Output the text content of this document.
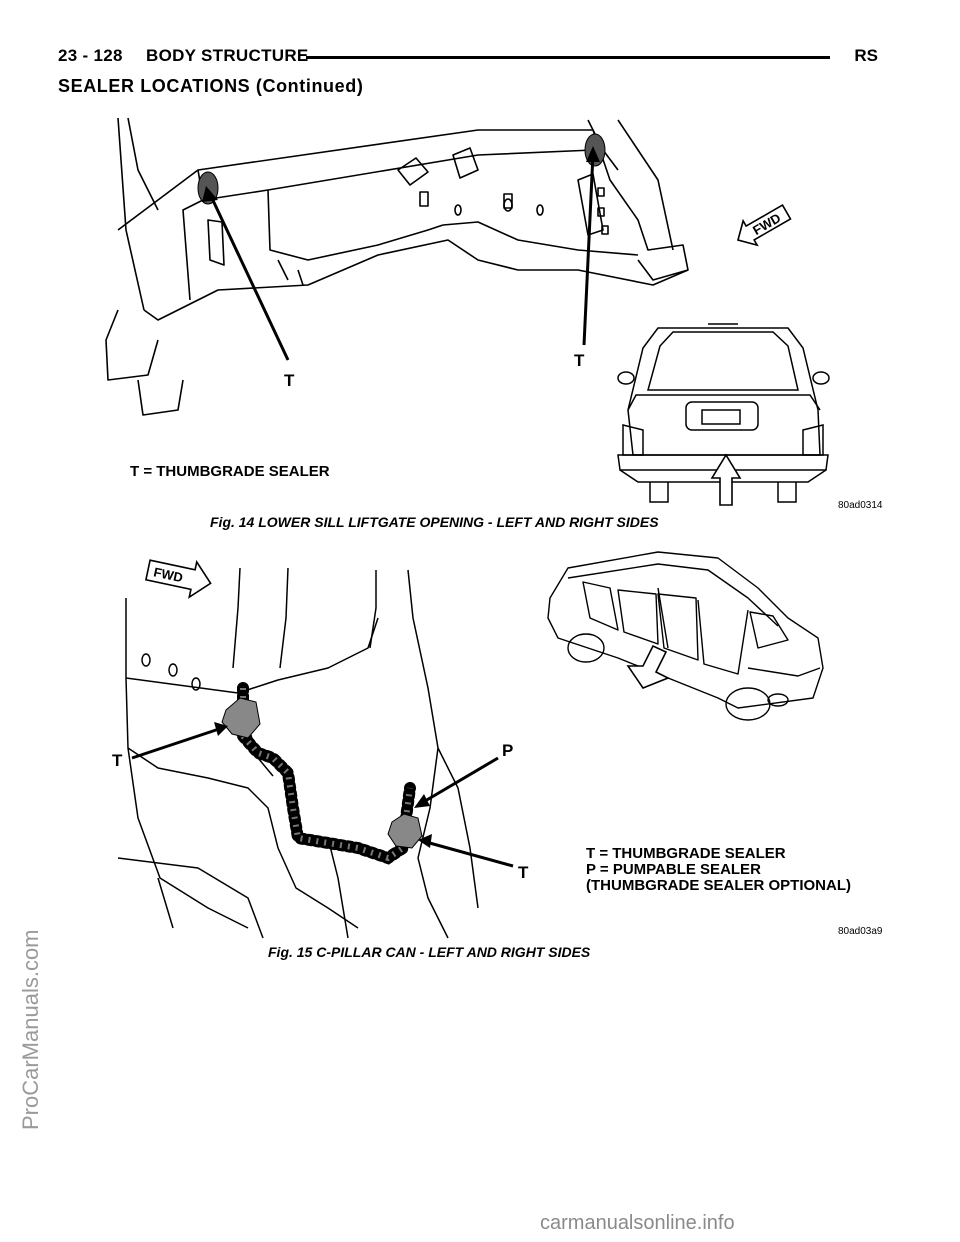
23 - 128 BODY STRUCTURE	RS
SEALER LOCATIONS (Continued)
T
T
FWD
T = THUMBGRADE SEALER
80ad0314
Fig. 14 LOWER SILL LIFTGATE OPENING - LEFT AND RIGHT SIDES
FWD
T
P
T
T = THUMBGRADE SEALER
P = PUMPABLE SEALER
(THUMBGRADE SEALER OPTIONAL)
80ad03a9
Fig. 15 C-PILLAR CAN - LEFT AND RIGHT SIDES
ProCarManuals.com
carmanualsonline.info
